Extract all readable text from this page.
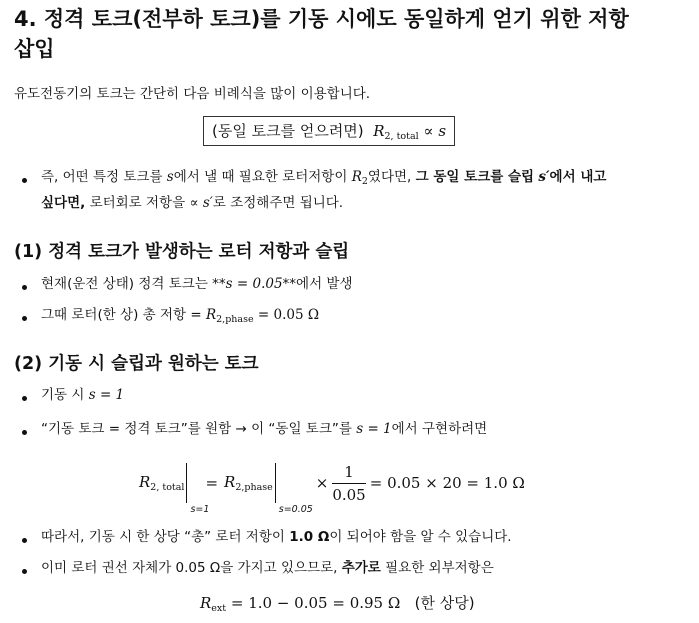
4. 정격 토크(전부하 토크)를 기동 시에도 동일하게 얻기 위한 저항
삽입
유도전동기의 토크는 간단히 다음 비례식을 많이 이용합니다.
(동일 토크를 얻으려면) $R_{2, total} \propto s$
즉, 어떤 특정 토크를 s에서 낼 때 필요한 로터저항이 $R_2$였다면, 그 동일 토크를 슬립 s′에서 내고
싶다면, 로터회로 저항을 ∝ s′로 조정해주면 됩니다.
(1) 정격 토크가 발생하는 로터 저항과 슬립
현재(운전 상태) 정격 토크는 **s = 0.05**에서 발생
그때 로터(한 상) 총 저항 = $R_{2,phase} = 0.05$ Ω
(2) 기동 시 슬립과 원하는 토크
기동 시 s = 1
“기동 토크 = 정격 토크”를 원함 → 이 “동일 토크”를 s = 1에서 구현하려면
$R_{2, total}$
s=1
= $R_{2,phase}$
s=0.05
× $\frac{1}{0.05} = 0.05 \times 20 = 1.0$ Ω
따라서, 기동 시 한 상당 “총” 로터 저항이 1.0 Ω이 되어야 함을 알 수 있습니다.
이미 로터 권선 자체가 0.05 Ω을 가지고 있으므로, 추가로 필요한 외부저항은
$R_{ext} = 1.0 - 0.05 = 0.95$ Ω (한 상당)
